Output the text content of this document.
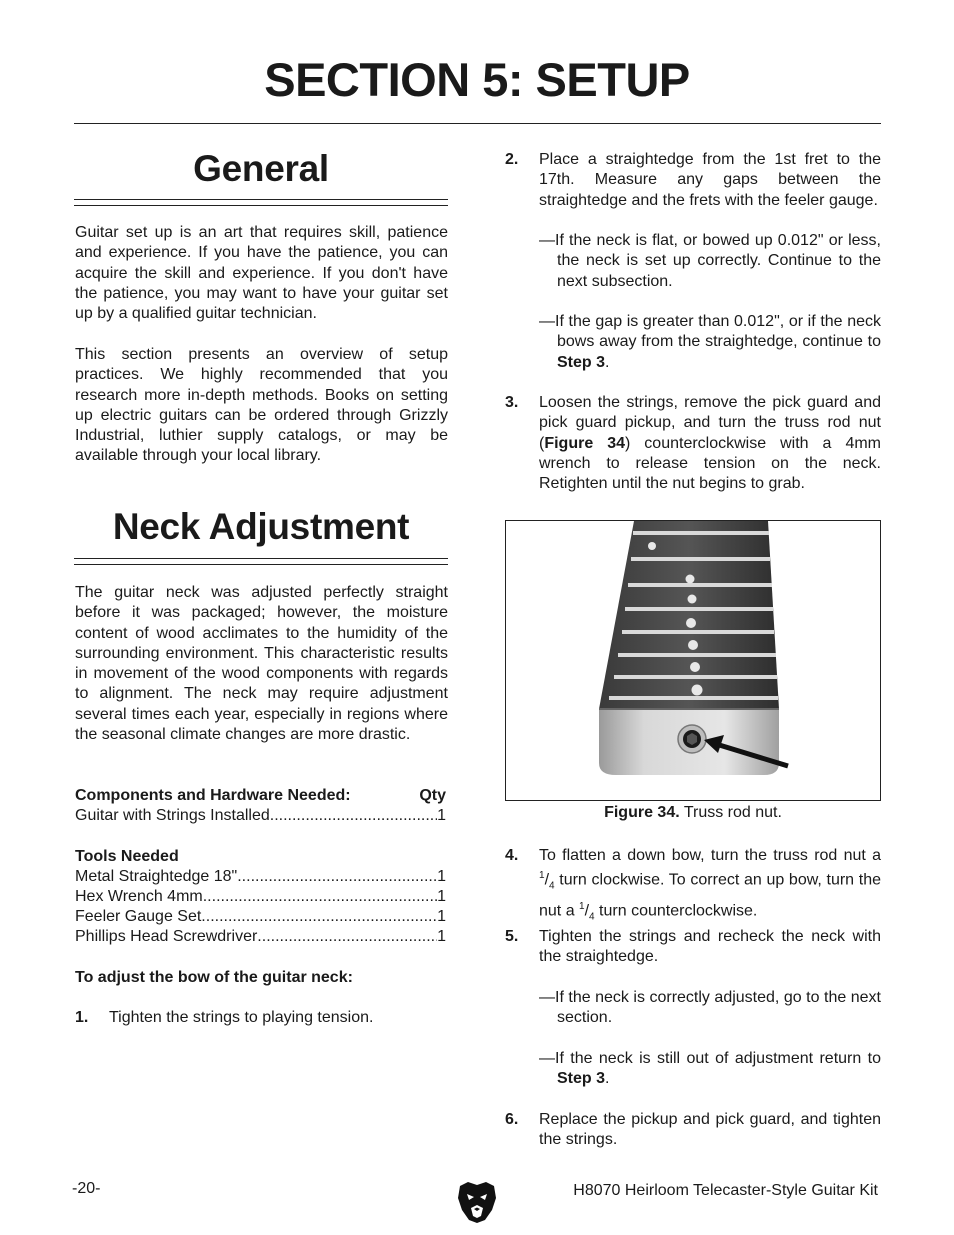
SECTION 5: SETUP
General

Guitar set up is an art that requires skill, patience and experience. If you have the patience, you can acquire the skill and experience. If you don't have the patience, you may want to have your guitar set up by a qualified guitar technician.

This section presents an overview of setup practices. We highly recommended that you research more in-depth methods. Books on setting up electric guitars can be ordered through Grizzly Industrial, luthier supply catalogs, or may be available through your local library.

Neck Adjustment

The guitar neck was adjusted perfectly straight before it was packaged; however, the moisture content of wood acclimates to the humidity of the surrounding environment. This characteristic results in movement of the wood components with regards to alignment. The neck may require adjustment several times each year, especially in regions where the seasonal climate changes are more drastic.

Components and Hardware Needed:	Qty
Guitar with Strings Installed .....	1
Tools Needed
Metal Straightedge 18" .....	1
Hex Wrench 4mm .....	1
Feeler Gauge Set .....	1
Phillips Head Screwdriver .....	1
To adjust the bow of the guitar neck:
1.	Tighten the strings to playing tension.
2.	Place a straightedge from the 1st fret to the 17th. Measure any gaps between the straightedge and the frets with the feeler gauge.
—If the neck is flat, or bowed up 0.012" or less, the neck is set up correctly. Continue to the next subsection.
—If the gap is greater than 0.012", or if the neck bows away from the straightedge, continue to Step 3.
3.	Loosen the strings, remove the pick guard and pick guard pickup, and turn the truss rod nut (Figure 34) counterclockwise with a 4mm wrench to release tension on the neck. Retighten until the nut begins to grab.
Figure 34. Truss rod nut.
4.	To flatten a down bow, turn the truss rod nut a $^1/_4$ turn clockwise. To correct an up bow, turn the nut a $^1/_4$ turn counterclockwise.
5.	Tighten the strings and recheck the neck with the straightedge.
—If the neck is correctly adjusted, go to the next section.
—If the neck is still out of adjustment return to Step 3.
6.	Replace the pickup and pick guard, and tighten the strings.
-20-	H8070 Heirloom Telecaster-Style Guitar Kit
